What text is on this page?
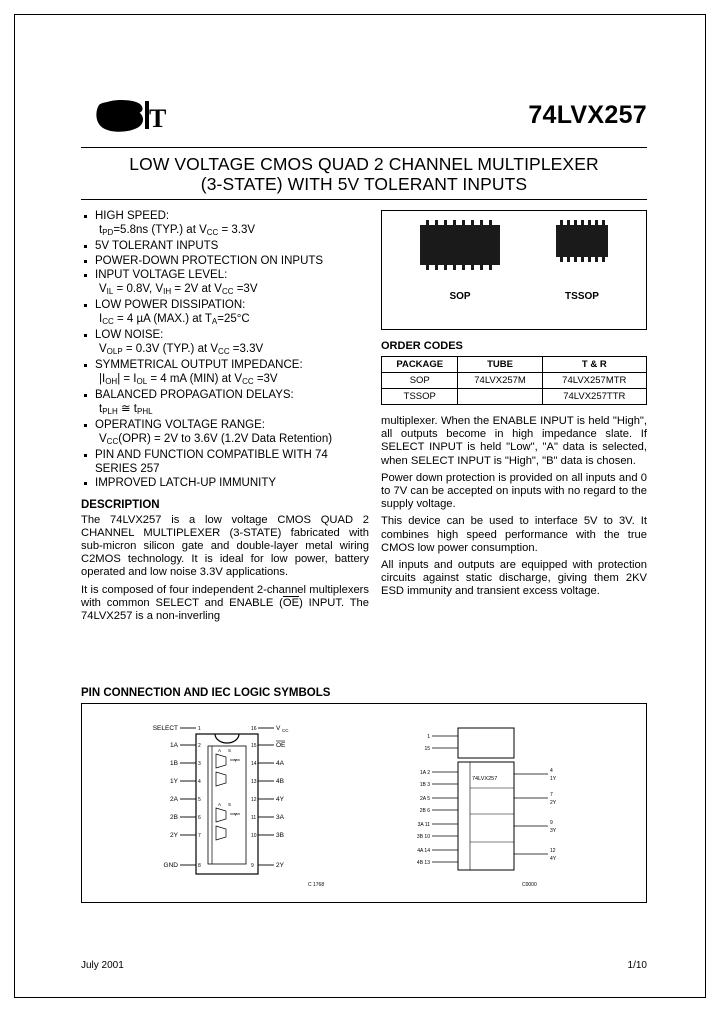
T	74LVX257
LOW VOLTAGE CMOS QUAD 2 CHANNEL MULTIPLEXER
(3-STATE) WITH 5V TOLERANT INPUTS
HIGH SPEED:
$t_{PD}=5.8ns$ (TYP.) at $V_{CC} = 3.3V$
5V TOLERANT INPUTS
POWER-DOWN PROTECTION ON INPUTS
INPUT VOLTAGE LEVEL:
$V_{IL} = 0.8V$, $V_{IH} = 2V$ at $V_{CC} =3V$
LOW POWER DISSIPATION:
$I_{CC} = 4$ µA (MAX.) at $T_A=25^\circ C$
LOW NOISE:
$V_{OLP} = 0.3V$ (TYP.) at $V_{CC} =3.3V$
SYMMETRICAL OUTPUT IMPEDANCE:
$|I_{OH}| = I_{OL} = 4$ mA (MIN) at $V_{CC} =3V$
BALANCED PROPAGATION DELAYS:
$t_{PLH}$ ≅ $t_{PHL}$
OPERATING VOLTAGE RANGE:
$V_{CC}(OPR) = 2V$ to 3.6V (1.2V Data Retention)
PIN AND FUNCTION COMPATIBLE WITH 74 SERIES 257
IMPROVED LATCH-UP IMMUNITY
DESCRIPTION

The 74LVX257 is a low voltage CMOS QUAD 2 CHANNEL MULTIPLEXER (3-STATE) fabricated with sub-micron silicon gate and double-layer metal wiring C2MOS technology. It is ideal for low power, battery operated and low noise 3.3V applications.

It is composed of four independent 2-channel multiplexers with common SELECT and ENABLE $(\overline{OE})$ INPUT. The 74LVX257 is a non-inverling

SOP	TSSOP
ORDER CODES
PACKAGE	TUBE	T & R
SOP	74LVX257M	74LVX257MTR
TSSOP		74LVX257TTR

multiplexer. When the ENABLE INPUT is held "High", all outputs become in high impedance slate. If SELECT INPUT is held "Low", "A" data is selected, when SELECT INPUT is "High", "B" data is chosen.

Power down protection is provided on all inputs and 0 to 7V can be accepted on inputs with no regard to the supply voltage.

This device can be used to interface 5V to 3V. It combines high speed performance with the true CMOS low power consumption.

All inputs and outputs are equipped with protection circuits against static discharge, giving them 2KV ESD immunity and transient excess voltage.

PIN CONNECTION AND IEC LOGIC SYMBOLS
SELECT
1A
1B
1Y
2A
2B
2Y
GND
V CC
OE
4A
4B
4Y
3A
3B
2Y
1
2
3
4
5
6
7
8
16
15
14
13
12
11
10
9
A S
A S
Y
Y
C 1768
1
15
1A 2
1B 3
2A 5
2B 6
3A 11
3B 10
4A 14
4B 13
4
1Y
7
2Y
9
3Y
12
4Y
74LVX257
C0000
July 2001	1/10
